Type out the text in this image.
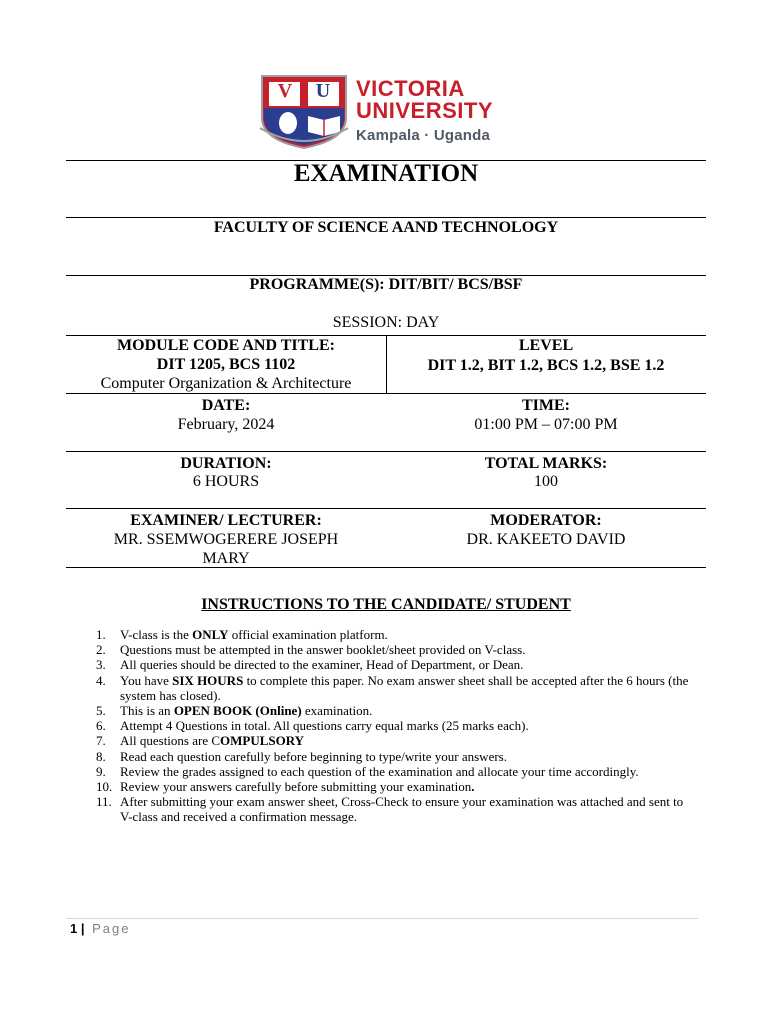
V U VICTORIA
UNIVERSITY
Kampala · Uganda
EXAMINATION
FACULTY OF SCIENCE AAND TECHNOLOGY
PROGRAMME(S): DIT/BIT/ BCS/BSF
SESSION: DAY
MODULE CODE AND TITLE:
DIT 1205, BCS 1102
Computer Organization & Architecture
LEVEL
DIT 1.2, BIT 1.2, BCS 1.2, BSE 1.2
DATE:
February, 2024
TIME:
01:00 PM – 07:00 PM
DURATION:
6 HOURS
TOTAL MARKS:
100
EXAMINER/ LECTURER:
MR. SSEMWOGERERE JOSEPH
MARY
MODERATOR:
DR. KAKEETO DAVID
INSTRUCTIONS TO THE CANDIDATE/ STUDENT
1. V-class is the ONLY official examination platform.
2. Questions must be attempted in the answer booklet/sheet provided on V-class.
3. All queries should be directed to the examiner, Head of Department, or Dean.
4. You have SIX HOURS to complete this paper. No exam answer sheet shall be accepted after the 6 hours (the system has closed).
5. This is an OPEN BOOK (Online) examination.
6. Attempt 4 Questions in total. All questions carry equal marks (25 marks each).
7. All questions are COMPULSORY
8. Read each question carefully before beginning to type/write your answers.
9. Review the grades assigned to each question of the examination and allocate your time accordingly.
10. Review your answers carefully before submitting your examination.
11. After submitting your exam answer sheet, Cross-Check to ensure your examination was attached and sent to V-class and received a confirmation message.
1 | Page
